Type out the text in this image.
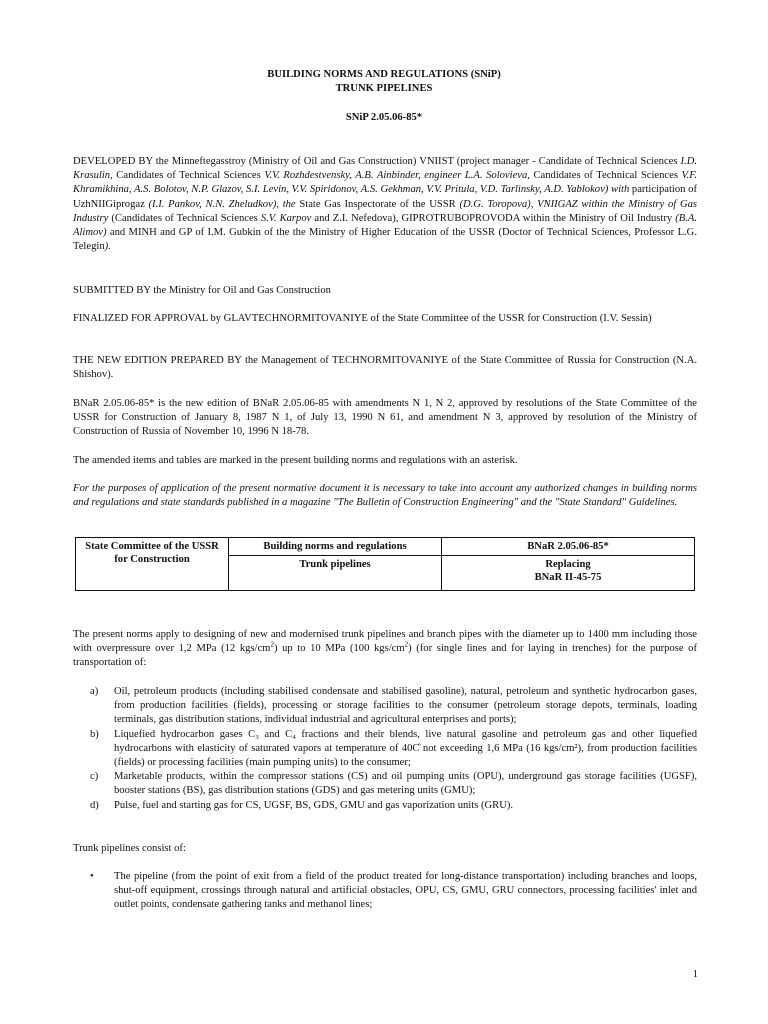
BUILDING NORMS AND REGULATIONS (SNiP)
TRUNK PIPELINES
SNiP 2.05.06-85*
DEVELOPED BY the Minneftegasstroy (Ministry of Oil and Gas Construction) VNIIST (project manager - Candidate of Technical Sciences I.D. Krasulin, Candidates of Technical Sciences V.V. Rozhdestvensky, A.B. Ainbinder, engineer L.A. Solovieva, Candidates of Technical Sciences V.F. Khramikhina, A.S. Bolotov, N.P. Glazov, S.I. Levin, V.V. Spiridonov, A.S. Gekhman, V.V. Pritula, V.D. Tarlinsky, A.D. Yablokov) with participation of UzhNIIGiprogaz (I.I. Pankov, N.N. Zheludkov), the State Gas Inspectorate of the USSR (D.G. Toropova), VNIIGAZ within the Ministry of Gas Industry (Candidates of Technical Sciences S.V. Karpov and Z.I. Nefedova), GIPROTRUBOPROVODA within the Ministry of Oil Industry (B.A. Alimov) and MINH and GP of I.M. Gubkin of the the Ministry of Higher Education of the USSR (Doctor of Technical Sciences, Professor L.G. Telegin).
SUBMITTED BY the Ministry for Oil and Gas Construction
FINALIZED FOR APPROVAL by GLAVTECHNORMITOVANIYE of the State Committee of the USSR for Construction (I.V. Sessin)
THE NEW EDITION PREPARED BY the Management of TECHNORMITOVANIYE of the State Committee of Russia for Construction (N.A. Shishov).
BNaR 2.05.06-85* is the new edition of BNaR 2.05.06-85 with amendments N 1, N 2, approved by resolutions of the State Committee of the USSR for Construction of January 8, 1987 N 1, of July 13, 1990 N 61, and amendment N 3, approved by resolution of the Ministry of Construction of Russia of November 10, 1996 N 18-78.
The amended items and tables are marked in the present building norms and regulations with an asterisk.
For the purposes of application of the present normative document it is necessary to take into account any authorized changes in building norms and regulations and state standards published in a magazine "The Bulletin of Construction Engineering" and the "State Standard" Guidelines.
State Committee of the USSR for Construction	Building norms and regulations	BNaR 2.05.06-85*
	Trunk pipelines	Replacing
BNaR II-45-75
The present norms apply to designing of new and modernised trunk pipelines and branch pipes with the diameter up to 1400 mm including those with overpressure over 1,2 MPa (12 kgs/$cm^2$) up to 10 MPa (100 kgs/$cm^2$) (for single lines and for laying in trenches) for the purpose of transportation of:
a) Oil, petroleum products (including stabilised condensate and stabilised gasoline), natural, petroleum and synthetic hydrocarbon gases, from production facilities (fields), processing or storage facilities to the consumer (petroleum storage depots, terminals, loading terminals, gas distribution stations, individual industrial and agricultural enterprises and ports);
b) Liquefied hydrocarbon gases C₃ and C₄ fractions and their blends, live natural gasoline and petroleum gas and other liquefied hydrocarbons with elasticity of saturated vapors at temperature of 40C̊ not exceeding 1,6 MPa (16 kgs/cm²), from production facilities (fields) or processing facilities (main pumping units) to the consumer;
c) Marketable products, within the compressor stations (CS) and oil pumping units (OPU), underground gas storage facilities (UGSF), booster stations (BS), gas distribution stations (GDS) and gas metering units (GMU);
d) Pulse, fuel and starting gas for CS, UGSF, BS, GDS, GMU and gas vaporization units (GRU).
Trunk pipelines consist of:
• The pipeline (from the point of exit from a field of the product treated for long-distance transportation) including branches and loops, shut-off equipment, crossings through natural and artificial obstacles, OPU, CS, GMU, GRU connectors, processing facilities' inlet and outlet points, condensate gathering tanks and methanol lines;
1
